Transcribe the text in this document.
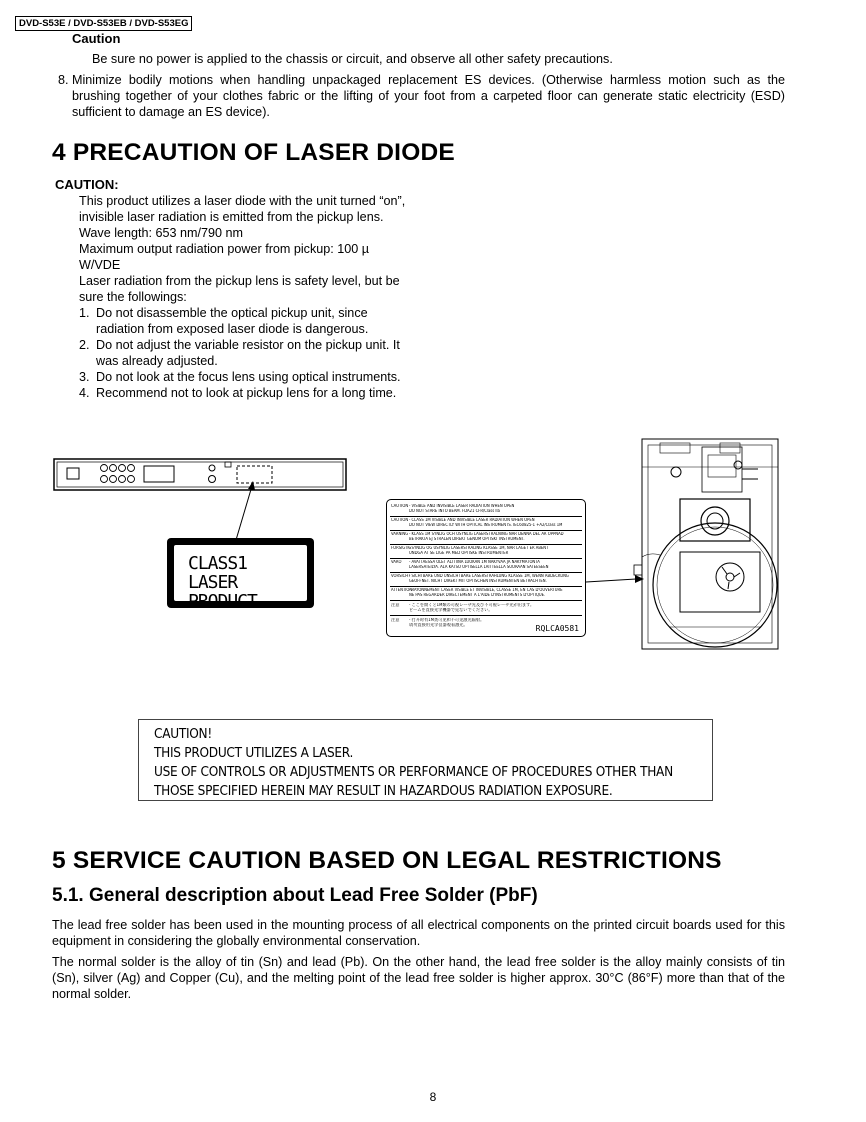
DVD-S53E / DVD-S53EB / DVD-S53EG
Caution
Be sure no power is applied to the chassis or circuit, and observe all other safety precautions.
8. Minimize bodily motions when handling unpackaged replacement ES devices. (Otherwise harmless motion such as the brushing together of your clothes fabric or the lifting of your foot from a carpeted floor can generate static electricity (ESD) sufficient to damage an ES device).
4 PRECAUTION OF LASER DIODE
CAUTION:
This product utilizes a laser diode with the unit turned “on”,
invisible laser radiation is emitted from the pickup lens.
Wave length: 653 nm/790 nm
Maximum output radiation power from pickup: 100 µ
W/VDE
Laser radiation from the pickup lens is safety level, but be
sure the followings:
1. Do not disassemble the optical pickup unit, since
radiation from exposed laser diode is dangerous.
2. Do not adjust the variable resistor on the pickup unit. It
was already adjusted.
3. Do not look at the focus lens using optical instruments.
4. Recommend not to look at pickup lens for a long time.
CLASS1
LASER PRODUCT
CAUTION- VISIBLE AND INVISIBLE LASER RADIATION WHEN OPEN
DO NOT STARE INTO BEAM. FDA21 CFR/Class IIa
CAUTION- CLASS 1M VISIBLE AND INVISIBLE LASER RADIATION WHEN OPEN
DO NOT VIEW DIRECTLY WITH OPTICAL INSTRUMENTS. IEC60825-1 +A2/Class 1M
VARNING- KLASS 1M SYNLIG OCH OSYNLIG LASERSTRÅLNING NÄR DENNA DEL ÄR ÖPPNAD
BETRAKTA EJ STRÅLEN DIREKT GENOM OPTISKT INSTRUMENT.
FORSIGTIG- SYNLIG OG USYNLIG LASERSTRÅLING KLASSE 1M, NÅR LÅGET ER ÅBENT
UNDGÅ AT SE LIGE PÅ MED OPTISKE INSTRUMENTER
VARO - AVATTAESSA OLET ALTTIINA LUOKAN 1M NÄKYVÄÄ JA NÄKYMÄTÖNTÄ
LASERSÄTEILYÄ. ÄLÄ KATSO OPTISELLA LAITTEELLA SUORAAN SÄTEESEEN
VORSICHT- SICHTBARE UND UNSICHTBARE LASERSTRAHLUNG KLASSE 1M, WENN ABDECKUNG
GEÖFFNET. NICHT DIREKT MIT OPTISCHEN INSTRUMENTEN BETRACHTEN.
ATTENTION- RAYONNEMENT LASER VISIBLE ET INVISIBLE, CLASSE 1M, EN CAS D'OUVERTURE
NE PAS REGARDER DIRECTEMENT À L'AIDE D'INSTRUMENTS D'OPTIQUE.
注意 - ここを開くと1M類の可視レーザ光及び不可視レーザ光が出ます。
ビームを直接光学機器で見ないでください。
注意 - 打开时有1M类可见和不可见激光辐射。
请勿直接用光学仪器观看激光。	RQLCA0581
CAUTION!
THIS PRODUCT UTILIZES A LASER.
USE OF CONTROLS OR ADJUSTMENTS OR PERFORMANCE OF PROCEDURES OTHER THAN
THOSE SPECIFIED HEREIN MAY RESULT IN HAZARDOUS RADIATION EXPOSURE.
5 SERVICE CAUTION BASED ON LEGAL RESTRICTIONS
5.1. General description about Lead Free Solder (PbF)
The lead free solder has been used in the mounting process of all electrical components on the printed circuit boards used for this equipment in considering the globally environmental conservation.
The normal solder is the alloy of tin (Sn) and lead (Pb). On the other hand, the lead free solder is the alloy mainly consists of tin (Sn), silver (Ag) and Copper (Cu), and the melting point of the lead free solder is higher approx. 30°C (86°F) more than that of the normal solder.
8
